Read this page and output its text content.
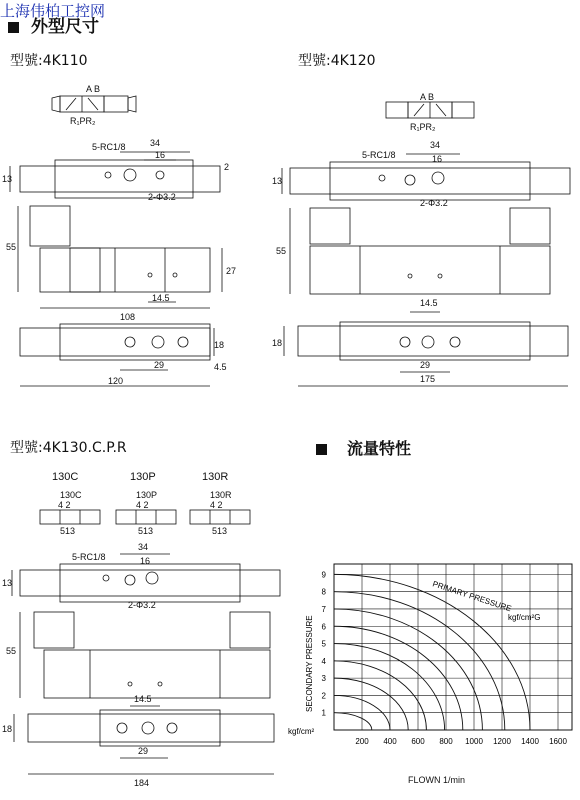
上海伟柏工控网
外型尺寸
型號:4K110	型號:4K120
型號:4K130.C.P.R	流量特性
A B
R₁PR₂
5-RC1/8
2-Φ3.2
34
16
13
2
55
27
14.5
108
18
29	4.5
120
A B
R₁PR₂
5-RC1/8
2-Φ3.2
34
16
13
55
14.5
18
29
175
130C	130P	130R
130C	130P	130R
4 2	4 2	4 2
513	513	513
5-RC1/8
2-Φ3.2
34
16
13
55
14.5
18
29
184
200 400 600 800 1000 1200 1400 1600
1
2
3
4
5
6
7
8
9
PRIMARY PRESSURE
kgf/cm²G
SECONDARY PRESSURE
kgf/cm²
FLOWN 1/min
